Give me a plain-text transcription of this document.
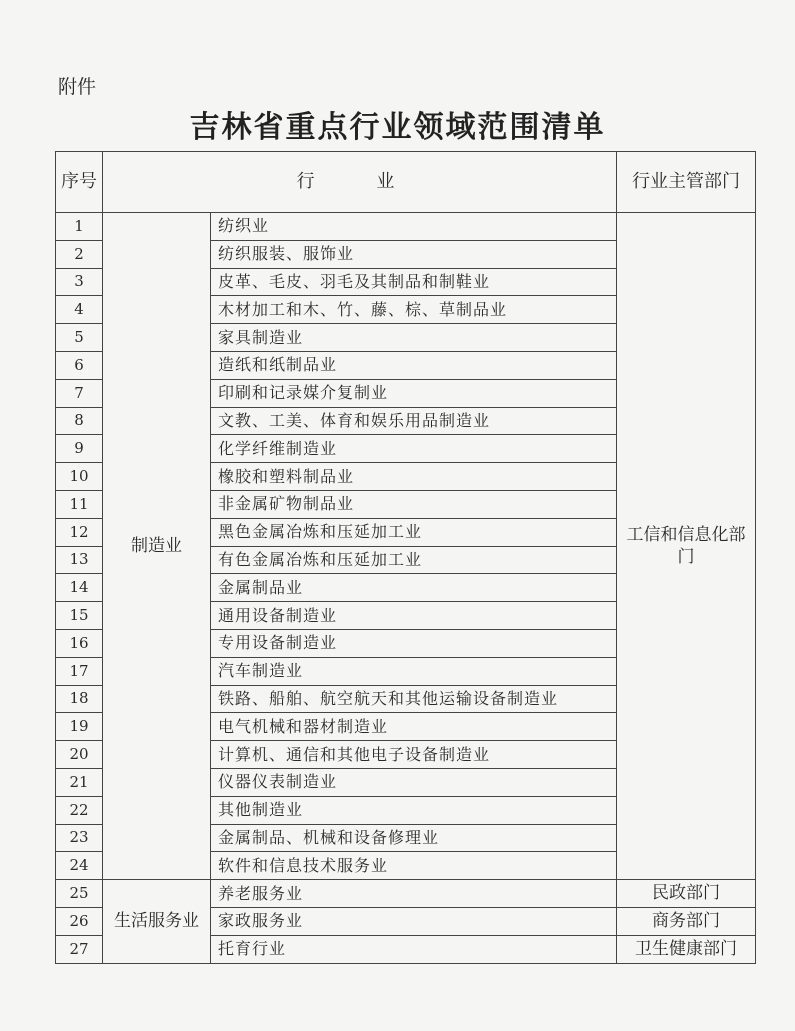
附件
吉林省重点行业领域范围清单
序号	行 业		行业主管部门
1	制造业	纺织业	工信和信息化部门
2		纺织服装、服饰业	
3		皮革、毛皮、羽毛及其制品和制鞋业	
4		木材加工和木、竹、藤、棕、草制品业	
5		家具制造业	
6		造纸和纸制品业	
7		印刷和记录媒介复制业	
8		文教、工美、体育和娱乐用品制造业	
9		化学纤维制造业	
10		橡胶和塑料制品业	
11		非金属矿物制品业	
12		黑色金属冶炼和压延加工业	
13		有色金属冶炼和压延加工业	
14		金属制品业	
15		通用设备制造业	
16		专用设备制造业	
17		汽车制造业	
18		铁路、船舶、航空航天和其他运输设备制造业	
19		电气机械和器材制造业	
20		计算机、通信和其他电子设备制造业	
21		仪器仪表制造业	
22		其他制造业	
23		金属制品、机械和设备修理业	
24		软件和信息技术服务业	
25	生活服务业	养老服务业	民政部门
26		家政服务业	商务部门
27		托育行业	卫生健康部门
